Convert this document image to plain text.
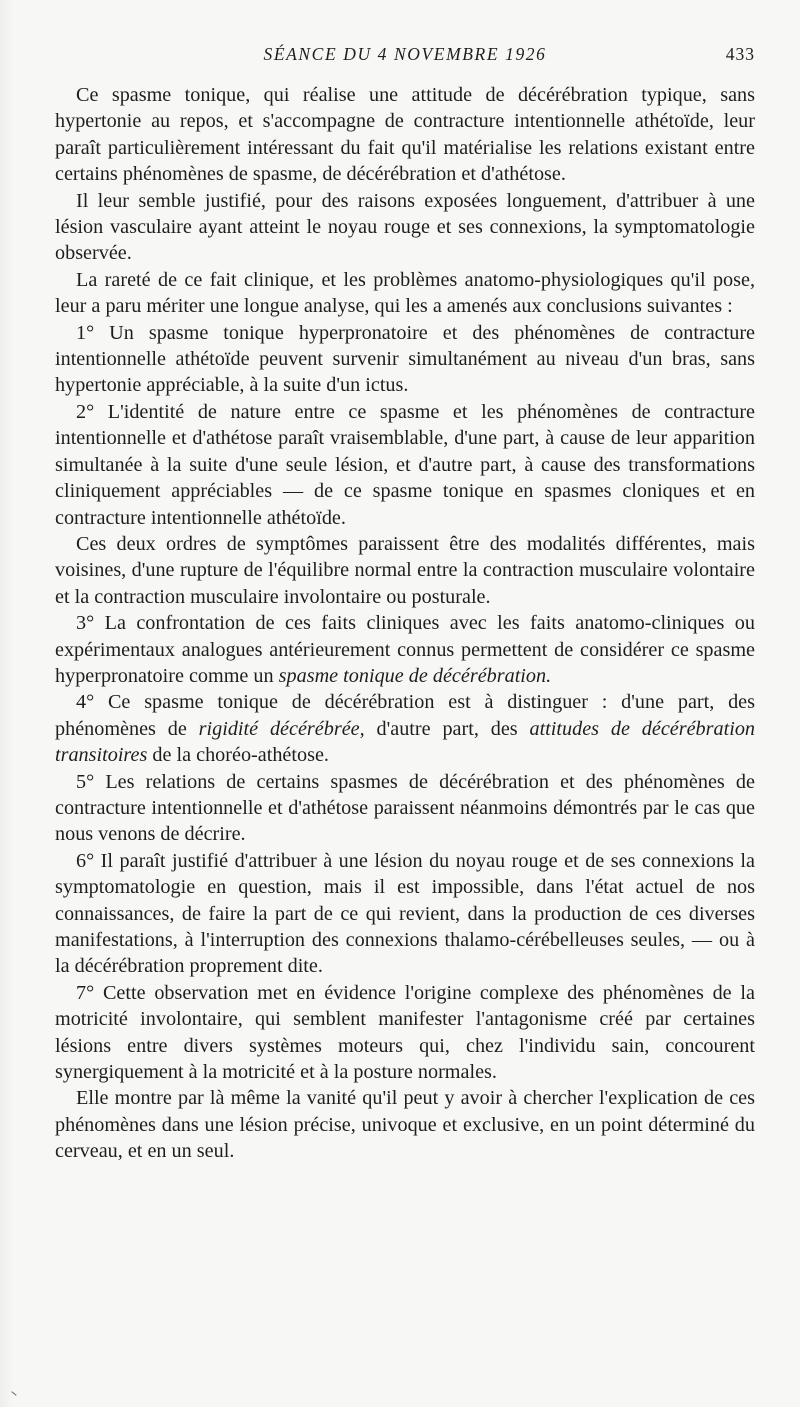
SÉANCE DU 4 NOVEMBRE 1926	433

Ce spasme tonique, qui réalise une attitude de décérébration typique, sans hypertonie au repos, et s'accompagne de contracture intentionnelle athétoïde, leur paraît particulièrement intéressant du fait qu'il matérialise les relations existant entre certains phénomènes de spasme, de décérébration et d'athétose.

Il leur semble justifié, pour des raisons exposées longuement, d'attribuer à une lésion vasculaire ayant atteint le noyau rouge et ses connexions, la symptomatologie observée.

La rareté de ce fait clinique, et les problèmes anatomo-physiologiques qu'il pose, leur a paru mériter une longue analyse, qui les a amenés aux conclusions suivantes :

1° Un spasme tonique hyperpronatoire et des phénomènes de contracture intentionnelle athétoïde peuvent survenir simultanément au niveau d'un bras, sans hypertonie appréciable, à la suite d'un ictus.

2° L'identité de nature entre ce spasme et les phénomènes de contracture intentionnelle et d'athétose paraît vraisemblable, d'une part, à cause de leur apparition simultanée à la suite d'une seule lésion, et d'autre part, à cause des transformations cliniquement appréciables — de ce spasme tonique en spasmes cloniques et en contracture intentionnelle athétoïde.

Ces deux ordres de symptômes paraissent être des modalités différentes, mais voisines, d'une rupture de l'équilibre normal entre la contraction musculaire volontaire et la contraction musculaire involontaire ou posturale.

3° La confrontation de ces faits cliniques avec les faits anatomo-cliniques ou expérimentaux analogues antérieurement connus permettent de considérer ce spasme hyperpronatoire comme un spasme tonique de décérébration.

4° Ce spasme tonique de décérébration est à distinguer : d'une part, des phénomènes de rigidité décérébrée, d'autre part, des attitudes de décérébration transitoires de la choréo-athétose.

5° Les relations de certains spasmes de décérébration et des phénomènes de contracture intentionnelle et d'athétose paraissent néanmoins démontrés par le cas que nous venons de décrire.

6° Il paraît justifié d'attribuer à une lésion du noyau rouge et de ses connexions la symptomatologie en question, mais il est impossible, dans l'état actuel de nos connaissances, de faire la part de ce qui revient, dans la production de ces diverses manifestations, à l'interruption des connexions thalamo-cérébelleuses seules, — ou à la décérébration proprement dite.

7° Cette observation met en évidence l'origine complexe des phénomènes de la motricité involontaire, qui semblent manifester l'antagonisme créé par certaines lésions entre divers systèmes moteurs qui, chez l'individu sain, concourent synergiquement à la motricité et à la posture normales.

Elle montre par là même la vanité qu'il peut y avoir à chercher l'explication de ces phénomènes dans une lésion précise, univoque et exclusive, en un point déterminé du cerveau, et en un seul.
